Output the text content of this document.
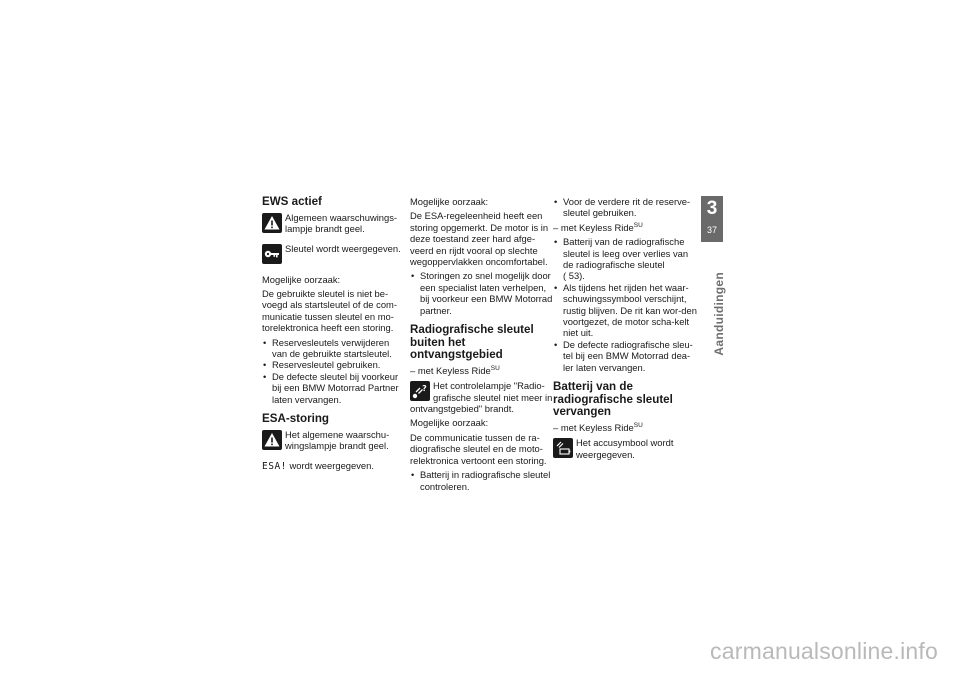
EWS actief
Algemeen waarschuwings-lampje brandt geel.
Sleutel wordt weergegeven.

Mogelijke oorzaak:

De gebruikte sleutel is niet be-voegd als startsleutel of de com-municatie tussen sleutel en mo-torelektronica heeft een storing.

• Reservesleutels verwijderen van de gebruikte startsleutel.
• Reservesleutel gebruiken.
• De defecte sleutel bij voorkeur bij een BMW Motorrad Partner laten vervangen.
ESA-storing
Het algemene waarschu-wingslampje brandt geel.

ESA! wordt weergegeven.

Mogelijke oorzaak:

De ESA-regeleenheid heeft een storing opgemerkt. De motor is in deze toestand zeer hard afge-veerd en rijdt vooral op slechte wegoppervlakken oncomfortabel.

• Storingen zo snel mogelijk door een specialist laten verhelpen, bij voorkeur een BMW Motorrad partner.
Radiografische sleutel buiten het ontvangstgebied

– met Keyless Ride$^{SU}$

? Het controlelampje "Radio-grafische sleutel niet meer in ontvangstgebied" brandt.

Mogelijke oorzaak:

De communicatie tussen de ra-diografische sleutel en de moto-relektronica vertoont een storing.

• Batterij in radiografische sleutel controleren.
• Voor de verdere rit de reserve-sleutel gebruiken.

– met Keyless Ride$^{SU}$

• Batterij van de radiografische sleutel is leeg over verlies van de radiografische sleutel
( 53).
• Als tijdens het rijden het waar-schuwingssymbool verschijnt, rustig blijven. De rit kan wor-den voortgezet, de motor scha-kelt niet uit.
• De defecte radiografische sleu-tel bij een BMW Motorrad dea-ler laten vervangen.
Batterij van de radiografische sleutel vervangen

– met Keyless Ride$^{SU}$

Het accusymbool wordt weergegeven.
3
37
Aanduidingen
carmanualsonline.info
